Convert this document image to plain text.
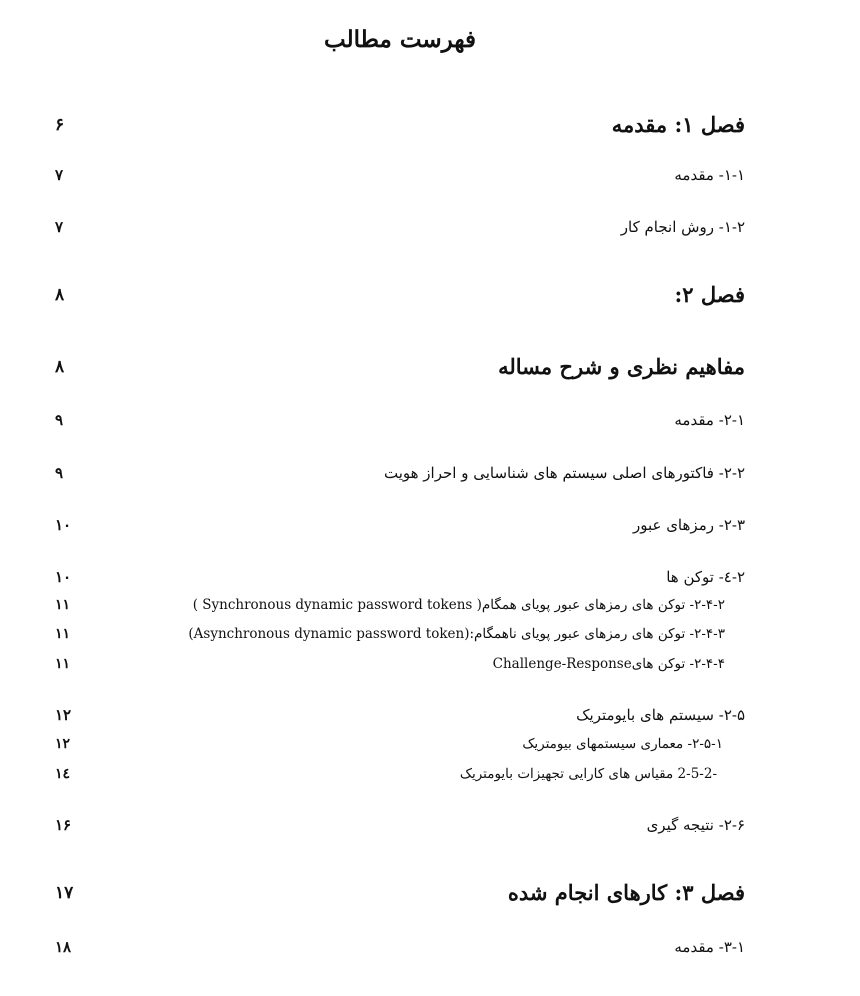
فهرست مطالب
۶	فصل ۱: مقدمه
۷	۱-۱- مقدمه
۷	۱-۲- روش انجام کار
۸	فصل ۲:
۸	مفاهیم نظری و شرح مساله
۹	۲-۱- مقدمه
۹	۲-۲- فاکتورهای اصلی سیستم های شناسایی و احراز هویت
۱۰	۲-۳- رمزهای عبور
۱۰	۲-٤- توکن ها
۱۱	۲-۴-۲- توکن های رمزهای عبور پویای همگام( Synchronous dynamic password tokens )
۱۱	۲-۴-۳- توکن های رمزهای عبور پویای ناهمگام:(Asynchronous dynamic password token)
۱۱	۲-۴-۴- توکن هایChallenge-Response
۱۲	۲-۵- سیستم های بایومتریک
۱۲	۲-۵-۱- معماری سیستمهای بیومتریک
۱٤	-2-5-2 مقیاس های کارایی تجهیزات بایومتریک
۱۶	۲-۶- نتیجه گیری
۱۷	فصل ۳: کارهای انجام شده
۱۸	۳-۱- مقدمه
